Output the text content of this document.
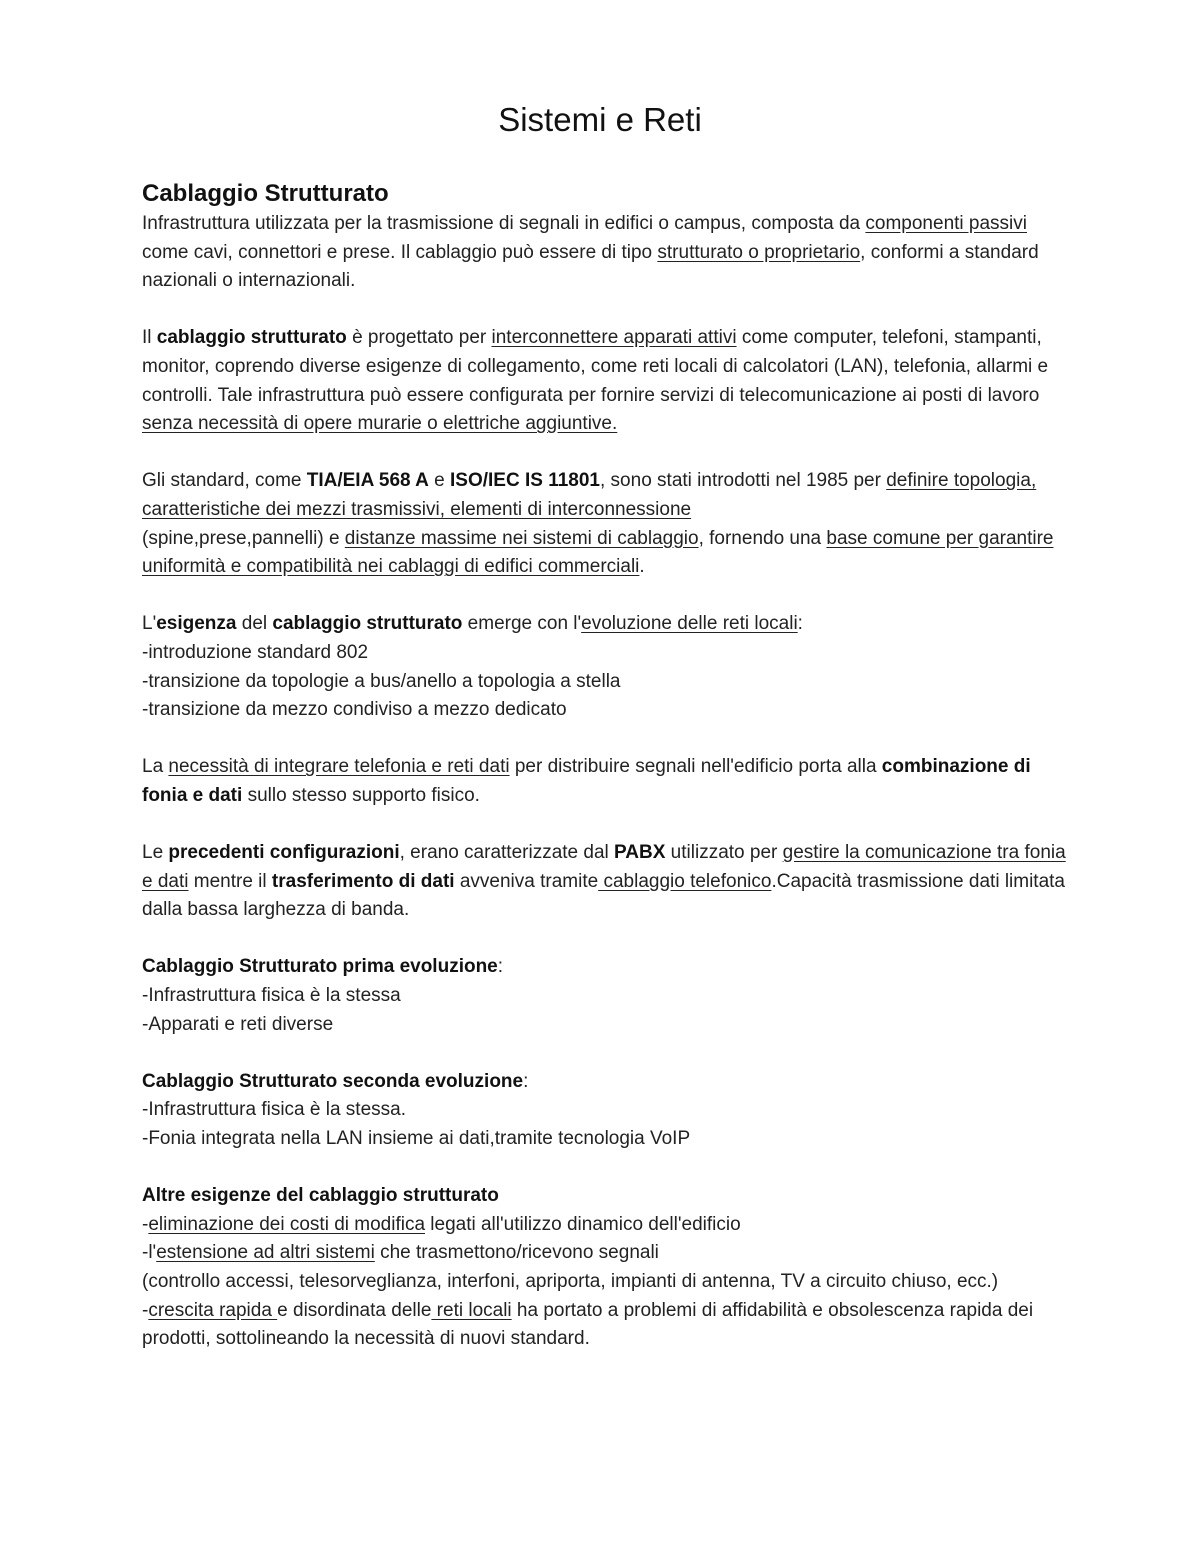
Sistemi e Reti
Cablaggio Strutturato

Infrastruttura utilizzata per la trasmissione di segnali in edifici o campus, composta da componenti passivi come cavi, connettori e prese. Il cablaggio può essere di tipo strutturato o proprietario, conformi a standard nazionali o internazionali.

Il cablaggio strutturato è progettato per interconnettere apparati attivi come computer, telefoni, stampanti, monitor, coprendo diverse esigenze di collegamento, come reti locali di calcolatori (LAN), telefonia, allarmi e controlli. Tale infrastruttura può essere configurata per fornire servizi di telecomunicazione ai posti di lavoro senza necessità di opere murarie o elettriche aggiuntive.

Gli standard, come TIA/EIA 568 A e ISO/IEC IS 11801, sono stati introdotti nel 1985 per definire topologia, caratteristiche dei mezzi trasmissivi, elementi di interconnessione
(spine,prese,pannelli) e distanze massime nei sistemi di cablaggio, fornendo una base comune per garantire uniformità e compatibilità nei cablaggi di edifici commerciali.

L'esigenza del cablaggio strutturato emerge con l'evoluzione delle reti locali:
-introduzione standard 802
-transizione da topologie a bus/anello a topologia a stella
-transizione da mezzo condiviso a mezzo dedicato

La necessità di integrare telefonia e reti dati per distribuire segnali nell'edificio porta alla combinazione di fonia e dati sullo stesso supporto fisico.

Le precedenti configurazioni, erano caratterizzate dal PABX utilizzato per gestire la comunicazione tra fonia e dati mentre il trasferimento di dati avveniva tramite cablaggio telefonico.Capacità trasmissione dati limitata dalla bassa larghezza di banda.

Cablaggio Strutturato prima evoluzione:
-Infrastruttura fisica è la stessa
-Apparati e reti diverse

Cablaggio Strutturato seconda evoluzione:
-Infrastruttura fisica è la stessa.
-Fonia integrata nella LAN insieme ai dati,tramite tecnologia VoIP

Altre esigenze del cablaggio strutturato
-eliminazione dei costi di modifica legati all'utilizzo dinamico dell'edificio
-l'estensione ad altri sistemi che trasmettono/ricevono segnali
(controllo accessi, telesorveglianza, interfoni, apriporta, impianti di antenna, TV a circuito chiuso, ecc.)
-crescita rapida e disordinata delle reti locali ha portato a problemi di affidabilità e obsolescenza rapida dei prodotti, sottolineando la necessità di nuovi standard.
